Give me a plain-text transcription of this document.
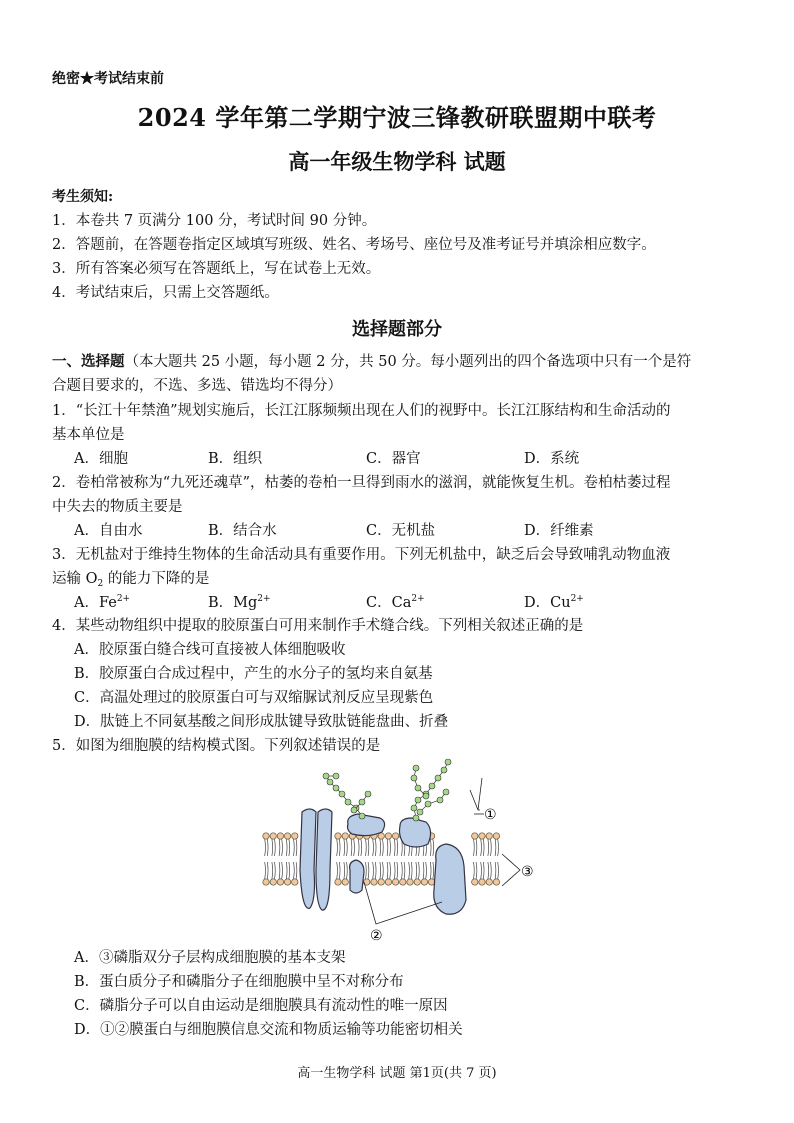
绝密★考试结束前
2024 学年第二学期宁波三锋教研联盟期中联考
高一年级生物学科 试题
考生须知:
1．本卷共 7 页满分 100 分，考试时间 90 分钟。
2．答题前，在答题卷指定区域填写班级、姓名、考场号、座位号及准考证号并填涂相应数字。
3．所有答案必须写在答题纸上，写在试卷上无效。
4．考试结束后，只需上交答题纸。
选择题部分
一、选择题（本大题共 25 小题，每小题 2 分，共 50 分。每小题列出的四个备选项中只有一个是符
合题目要求的，不选、多选、错选均不得分）
1．“长江十年禁渔”规划实施后，长江江豚频频出现在人们的视野中。长江江豚结构和生命活动的
基本单位是
A．细胞	B．组织	C．器官	D．系统
2．卷柏常被称为“九死还魂草”，枯萎的卷柏一旦得到雨水的滋润，就能恢复生机。卷柏枯萎过程
中失去的物质主要是
A．自由水	B．结合水	C．无机盐	D．纤维素
3．无机盐对于维持生物体的生命活动具有重要作用。下列无机盐中，缺乏后会导致哺乳动物血液
运输 $O_2$ 的能力下降的是
A．$Fe^{2+}$	B．$Mg^{2+}$	C．$Ca^{2+}$	D．$Cu^{2+}$
4．某些动物组织中提取的胶原蛋白可用来制作手术缝合线。下列相关叙述正确的是
A．胶原蛋白缝合线可直接被人体细胞吸收
B．胶原蛋白合成过程中，产生的水分子的氢均来自氨基
C．高温处理过的胶原蛋白可与双缩脲试剂反应呈现紫色
D．肽链上不同氨基酸之间形成肽键导致肽链能盘曲、折叠
5．如图为细胞膜的结构模式图。下列叙述错误的是
①
②
③
A．③磷脂双分子层构成细胞膜的基本支架
B．蛋白质分子和磷脂分子在细胞膜中呈不对称分布
C．磷脂分子可以自由运动是细胞膜具有流动性的唯一原因
D．①②膜蛋白与细胞膜信息交流和物质运输等功能密切相关
高一生物学科 试题 第1页(共 7 页)
